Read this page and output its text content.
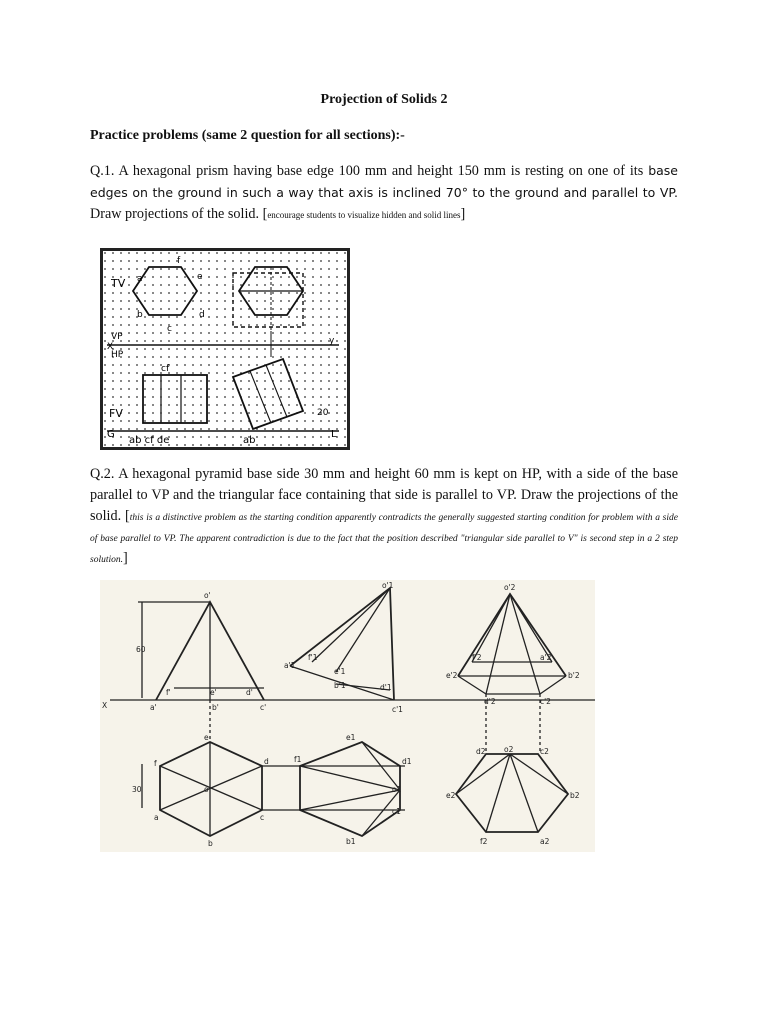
Projection of Solids 2
Practice problems (same 2 question for all sections):-
Q.1. A hexagonal prism having base edge 100 mm and height 150 mm is resting on one of its base edges on the ground in such a way that axis is inclined 70° to the ground and parallel to VP. Draw projections of the solid. [encourage students to visualize hidden and solid lines]
TV
VP
X
HP
y
FV
G	L
20
f
e
a
b
c
d
cf
ab cf de	ab
Q.2. A hexagonal pyramid base side 30 mm and height 60 mm is kept on HP, with a side of the base parallel to VP and the triangular face containing that side is parallel to VP. Draw the projections of the solid. [this is a distinctive problem as the starting condition apparently contradicts the generally suggested starting condition for problem with a side of base parallel to VP. The apparent contradiction is due to the fact that the position described "triangular side parallel to V" is second step in a 2 step solution.]
60
30
X
o'
f'	e'	d'
a'	b'	c'
e
f	d
o
a
b
c
o'1
a'1
f'1
e'1
b'1	d'1
c'1
e1
f1	d1
o1
c1
b1
o'2
f'2	a'2
e'2	b'2
d'2	c'2
d2 o2	c2
e2	b2
f2	a2
